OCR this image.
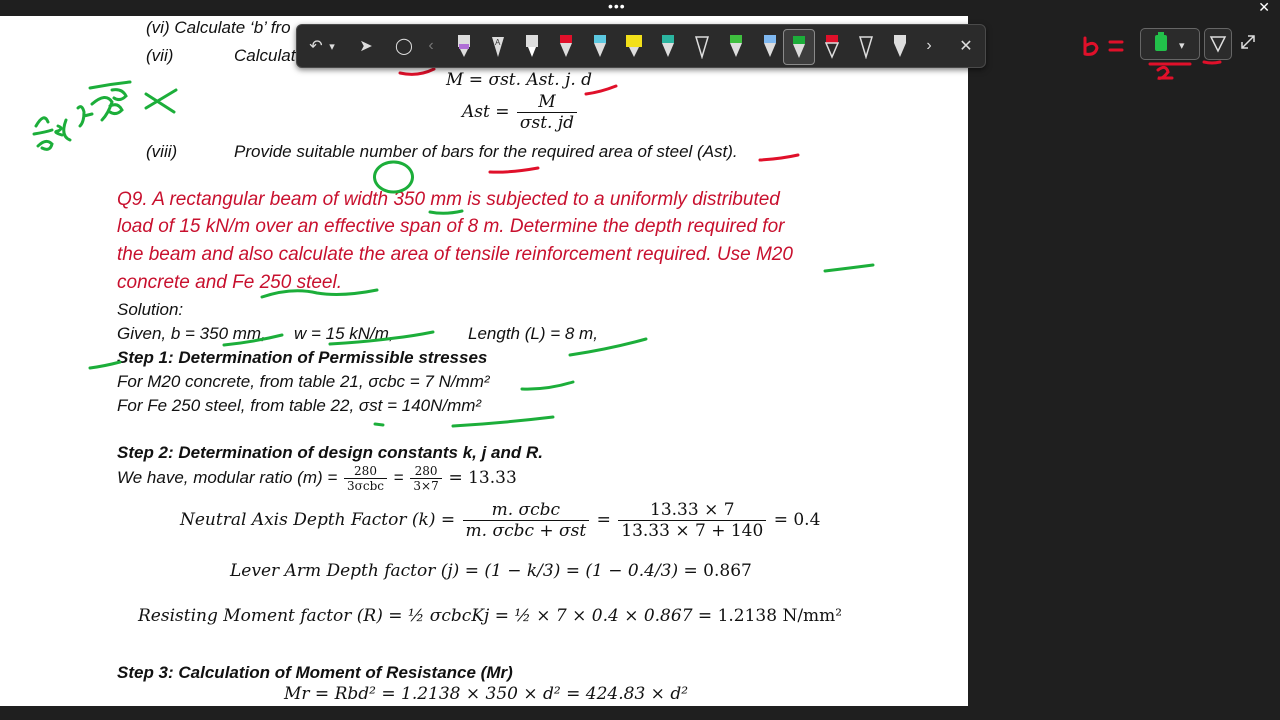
•••	✕
(vi) Calculate ‘b’ fro
(vii)	Calculat
M = σst. Ast. j. d
Ast = $\frac{M}{\text{σst. jd}}$
(viii)	Provide suitable number of bars for the required area of steel (Ast).
Q9. A rectangular beam of width 350 mm is subjected to a uniformly distributed
load of 15 kN/m over an effective span of 8 m. Determine the depth required for
the beam and also calculate the area of tensile reinforcement required. Use M20
concrete and Fe 250 steel.
Solution:
Given, b = 350 mm, w = 15 kN/m,	Length (L) = 8 m,
Step 1: Determination of Permissible stresses
For M20 concrete, from table 21, σcbc = 7 N/mm²
For Fe 250 steel, from table 22, σst = 140N/mm²
Step 2: Determination of design constants k, j and R.
We have, modular ratio $(m) = \frac{280}{\text{3σcbc}} = \frac{280}{3\times 7} = 13.33$
Neutral Axis Depth Factor $(k) = \frac{\text{m. σcbc}}{\text{m. σcbc + σst}} = \frac{13.33 \times 7}{13.33 \times 7 + 140} = 0.4$
Lever Arm Depth factor (j) = (1 − k/3) = (1 − 0.4/3) = 0.867
Resisting Moment factor (R) = ½ σcbcKj = ½ × 7 × 0.4 × 0.867 = 1.2138 N/mm²
Step 3: Calculation of Moment of Resistance (Mr)
Mr = Rbd² = 1.2138 × 350 × d² = 424.83 × d²
↶ ▾	➤	◯ ‹	A	›	✕	▾
